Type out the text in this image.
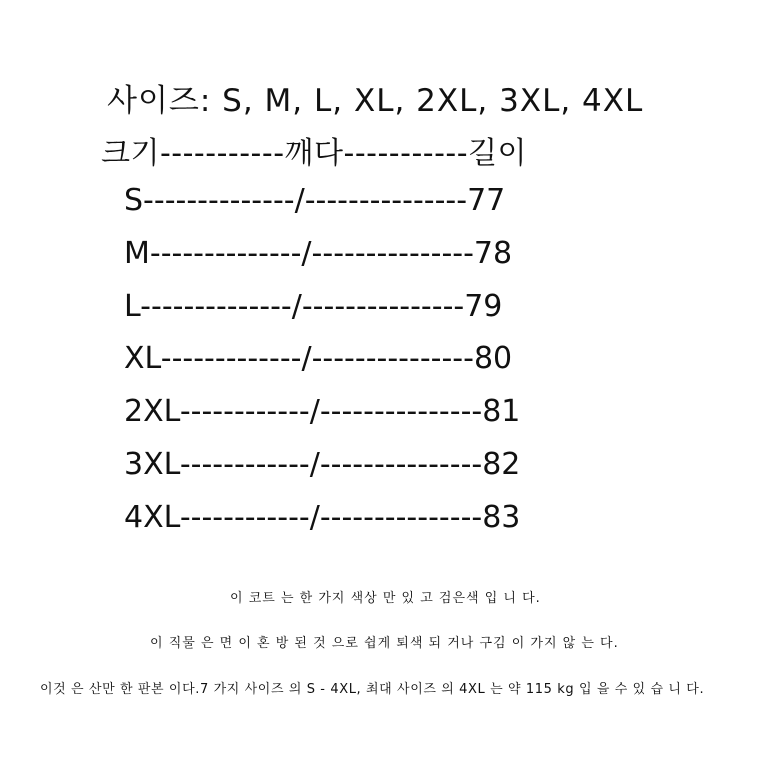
사이즈: S, M, L, XL, 2XL, 3XL, 4XL
크기-----------깨다-----------길이
S--------------/---------------77
M--------------/---------------78
L--------------/---------------79
XL-------------/---------------80
2XL------------/---------------81
3XL------------/---------------82
4XL------------/---------------83
이 코트 는 한 가지 색상 만 있 고 검은색 입 니 다.
이 직물 은 면 이 혼 방 된 것 으로 쉽게 퇴색 되 거나 구김 이 가지 않 는 다.
이것 은 산만 한 판본 이다.7 가지 사이즈 의 S - 4XL, 최대 사이즈 의 4XL 는 약 115 kg 입 을 수 있 습 니 다.
